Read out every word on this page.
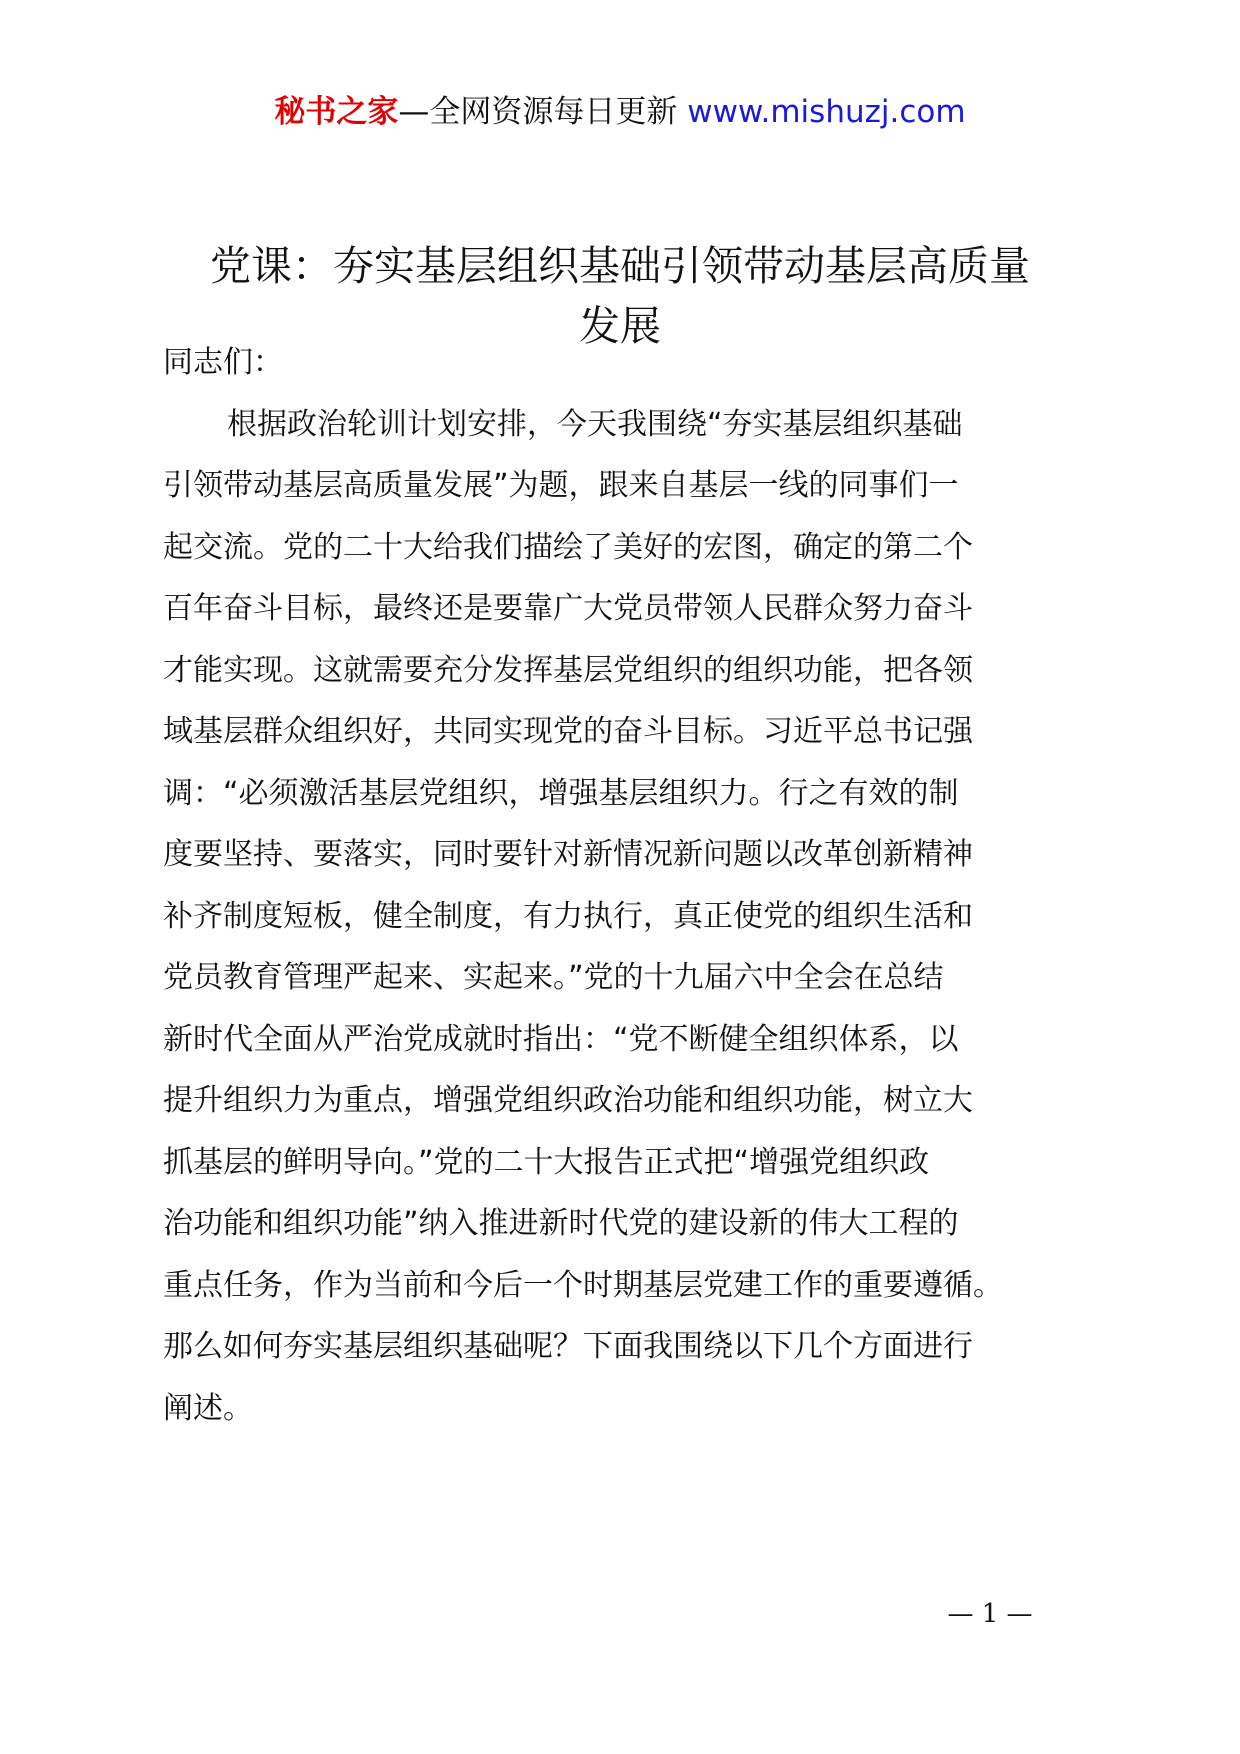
秘书之家—全网资源每日更新 www.mishuzj.com
党课：夯实基层组织基础引领带动基层高质量
发展

同志们：

根据政治轮训计划安排，今天我围绕“夯实基层组织基础
引领带动基层高质量发展”为题，跟来自基层一线的同事们一
起交流。党的二十大给我们描绘了美好的宏图，确定的第二个
百年奋斗目标，最终还是要靠广大党员带领人民群众努力奋斗
才能实现。这就需要充分发挥基层党组织的组织功能，把各领
域基层群众组织好，共同实现党的奋斗目标。习近平总书记强
调：“必须激活基层党组织，增强基层组织力。行之有效的制
度要坚持、要落实，同时要针对新情况新问题以改革创新精神
补齐制度短板，健全制度，有力执行，真正使党的组织生活和
党员教育管理严起来、实起来。”党的十九届六中全会在总结
新时代全面从严治党成就时指出：“党不断健全组织体系，以
提升组织力为重点，增强党组织政治功能和组织功能，树立大
抓基层的鲜明导向。”党的二十大报告正式把“增强党组织政
治功能和组织功能”纳入推进新时代党的建设新的伟大工程的
重点任务，作为当前和今后一个时期基层党建工作的重要遵循。
那么如何夯实基层组织基础呢？下面我围绕以下几个方面进行
阐述。

— 1 —
